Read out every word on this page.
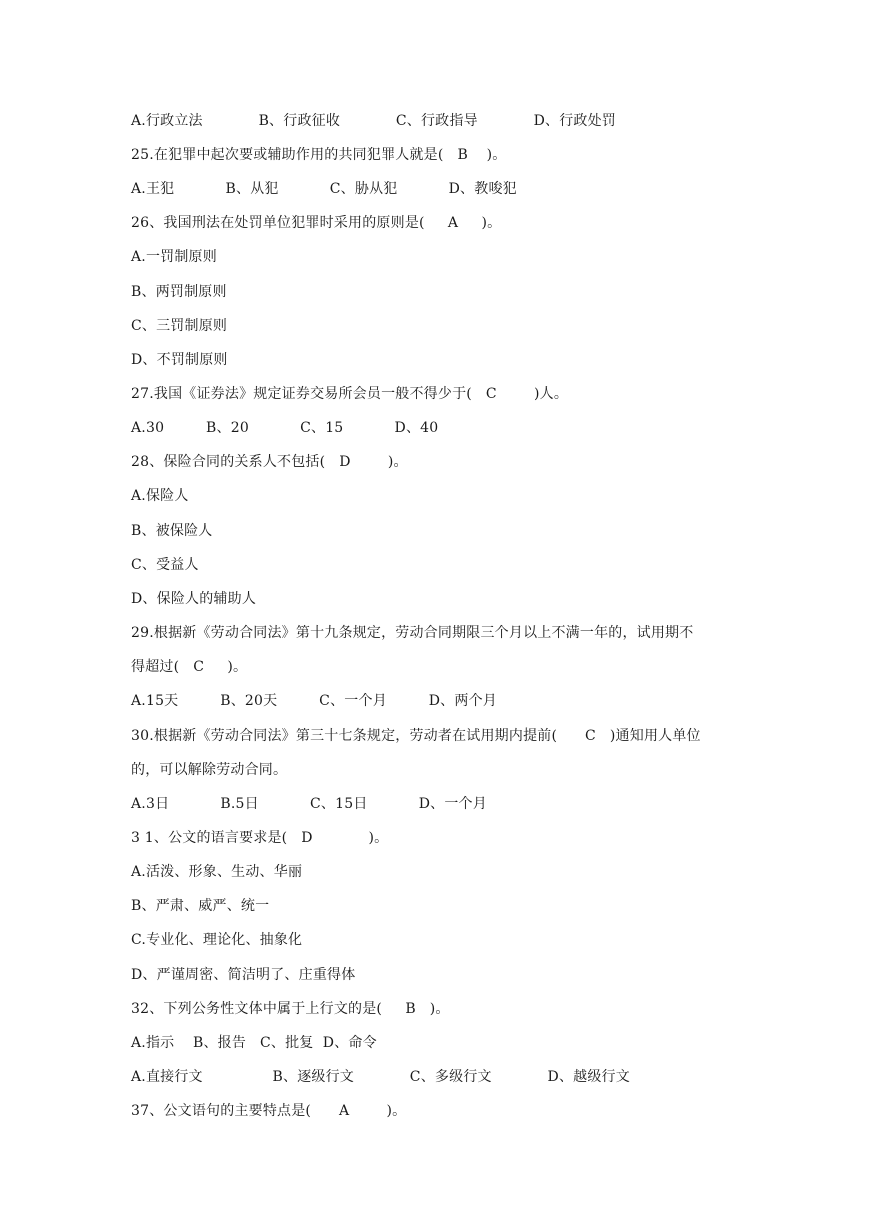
A.行政立法            B、行政征收            C、行政指导            D、行政处罚
25.在犯罪中起次要或辅助作用的共同犯罪人就是(   B    )。
A.王犯           B、从犯           C、胁从犯           D、教唆犯
26、我国刑法在处罚单位犯罪时采用的原则是(     A     )。
A.一罚制原则
B、两罚制原则
C、三罚制原则
D、不罚制原则
27.我国《证券法》规定证券交易所会员一般不得少于(   C        )人。
A.30         B、20           C、15           D、40
28、保险合同的关系人不包括(   D        )。
A.保险人
B、被保险人
C、受益人
D、保险人的辅助人
29.根据新《劳动合同法》第十九条规定，劳动合同期限三个月以上不满一年的，试用期不
得超过(   C     )。
A.15天         B、20天         C、一个月         D、两个月
30.根据新《劳动合同法》第三十七条规定，劳动者在试用期内提前(      C   )通知用人单位
的，可以解除劳动合同。
A.3日           B.5日           C、15日           D、一个月
3 1、公文的语言要求是(   D            )。
A.活泼、形象、生动、华丽
B、严肃、威严、统一
C.专业化、理论化、抽象化
D、严谨周密、简洁明了、庄重得体
32、下列公务性文体中属于上行文的是(     B   )。
A.指示    B、报告   C、批复  D、命令
A.直接行文               B、逐级行文            C、多级行文            D、越级行文
37、公文语句的主要特点是(      A        )。
